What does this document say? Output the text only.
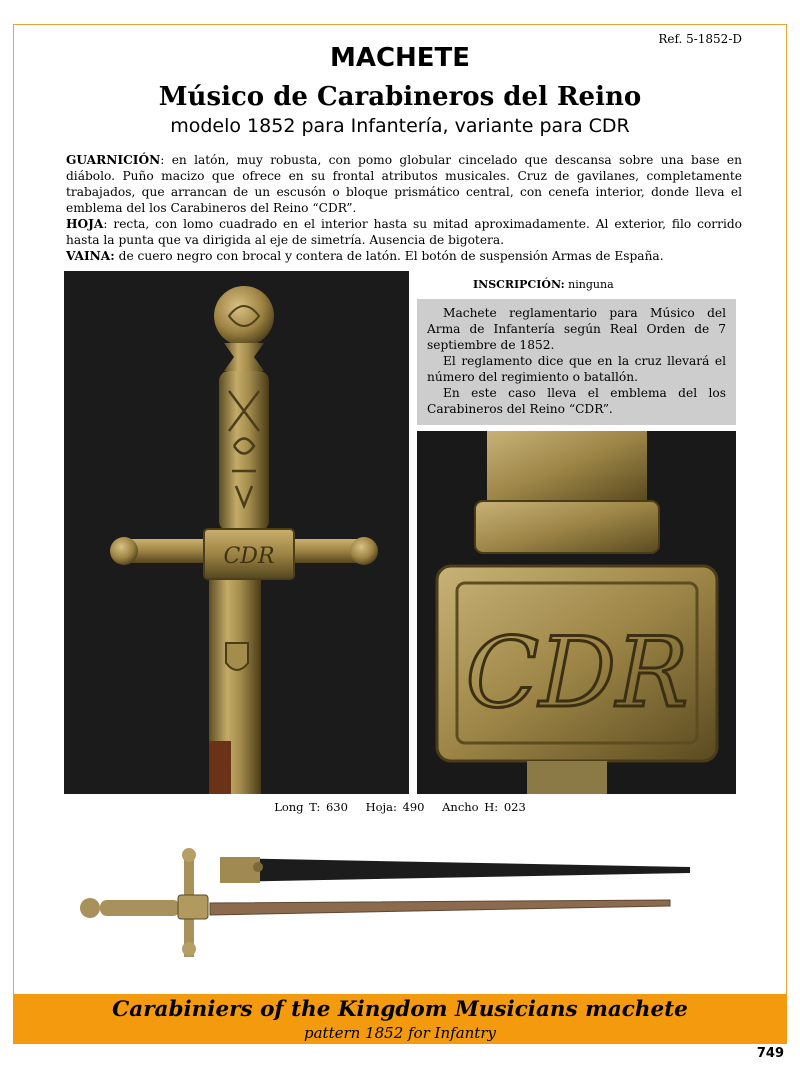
Ref. 5-1852-D
MACHETE
Músico de Carabineros del Reino
modelo 1852 para Infantería, variante para CDR

GUARNICIÓN: en latón, muy robusta, con pomo globular cincelado que descansa sobre una base en diábolo. Puño macizo que ofrece en su frontal atributos musicales. Cruz de gavilanes, completamente trabajados, que arrancan de un escusón o bloque prismático central, con cenefa interior, donde lleva el emblema del los Carabineros del Reino “CDR”.

HOJA: recta, con lomo cuadrado en el interior hasta su mitad aproximadamente. Al exterior, filo corrido hasta la punta que va dirigida al eje de simetría. Ausencia de bigotera.

VAINA: de cuero negro con brocal y contera de latón. El botón de suspensión Armas de España.

CDR
INSCRIPCIÓN: ninguna

Machete reglamentario para Músico del Arma de Infantería según Real Orden de 7 septiembre de 1852.

El reglamento dice que en la cruz llevará el número del regimiento o batallón.

En este caso lleva el emblema del los Carabineros del Reino “CDR”.

CDR
Long T: 630 Hoja: 490 Ancho H: 023
Carabiniers of the Kingdom Musicians machete
pattern 1852 for Infantry
749
